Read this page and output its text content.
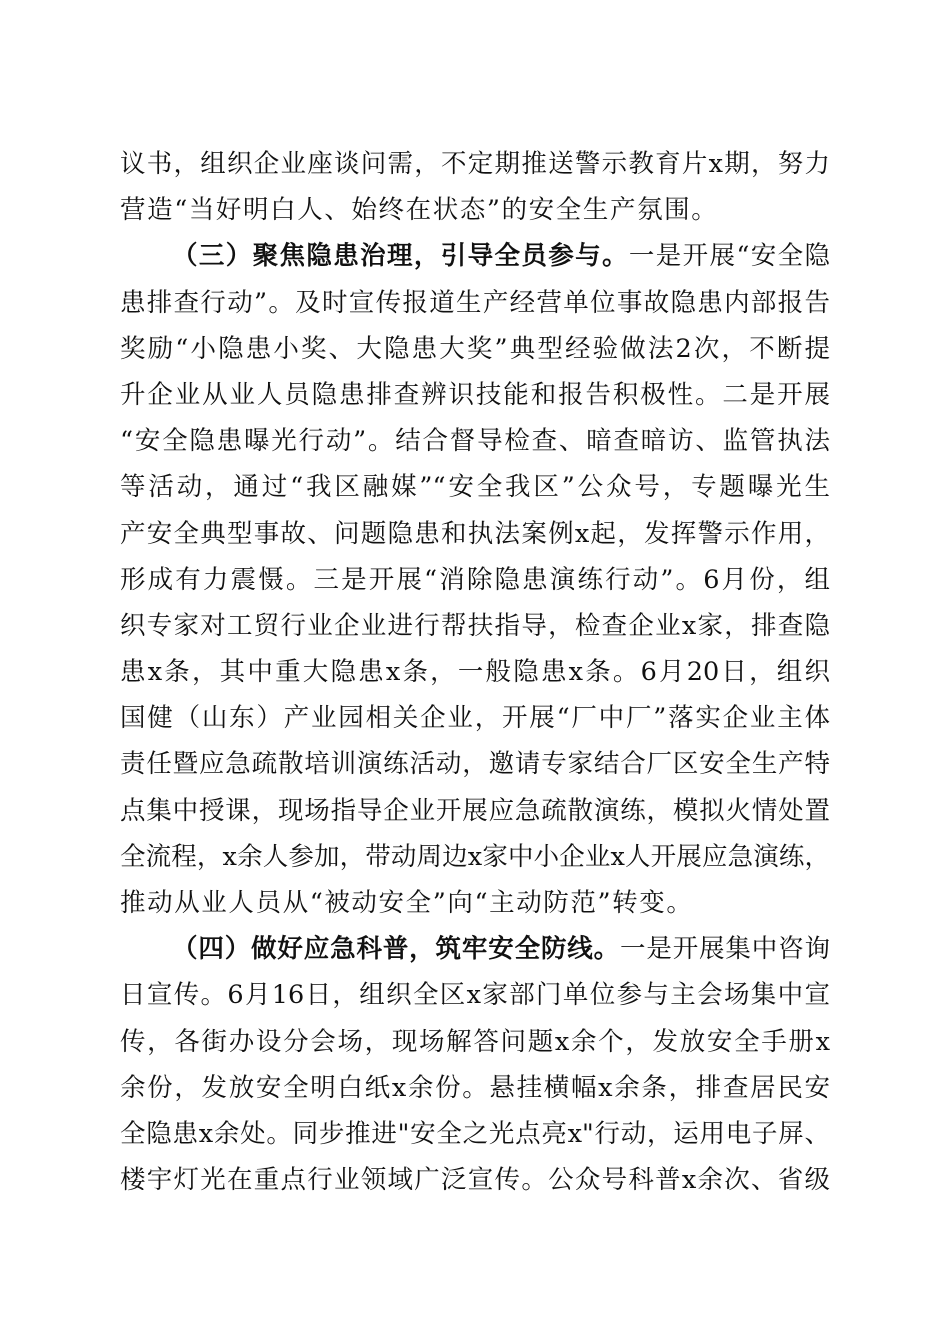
议书，组织企业座谈问需，不定期推送警示教育片x期，努力
营造“当好明白人、始终在状态”的安全生产氛围。
（三）聚焦隐患治理，引导全员参与。一是开展“安全隐
患排查行动”。及时宣传报道生产经营单位事故隐患内部报告
奖励“小隐患小奖、大隐患大奖”典型经验做法2次，不断提
升企业从业人员隐患排查辨识技能和报告积极性。二是开展
“安全隐患曝光行动”。结合督导检查、暗查暗访、监管执法
等活动，通过“我区融媒”“安全我区”公众号，专题曝光生
产安全典型事故、问题隐患和执法案例x起，发挥警示作用，
形成有力震慑。三是开展“消除隐患演练行动”。6月份，组
织专家对工贸行业企业进行帮扶指导，检查企业x家，排查隐
患x条，其中重大隐患x条，一般隐患x条。6月20日，组织
国健（山东）产业园相关企业，开展“厂中厂”落实企业主体
责任暨应急疏散培训演练活动，邀请专家结合厂区安全生产特
点集中授课，现场指导企业开展应急疏散演练，模拟火情处置
全流程，x余人参加，带动周边x家中小企业x人开展应急演练，
推动从业人员从“被动安全”向“主动防范”转变。
（四）做好应急科普，筑牢安全防线。一是开展集中咨询
日宣传。6月16日，组织全区x家部门单位参与主会场集中宣
传，各街办设分会场，现场解答问题x余个，发放安全手册x
余份，发放安全明白纸x余份。悬挂横幅x余条，排查居民安
全隐患x余处。同步推进"安全之光点亮x"行动，运用电子屏、
楼宇灯光在重点行业领域广泛宣传。公众号科普x余次、省级
